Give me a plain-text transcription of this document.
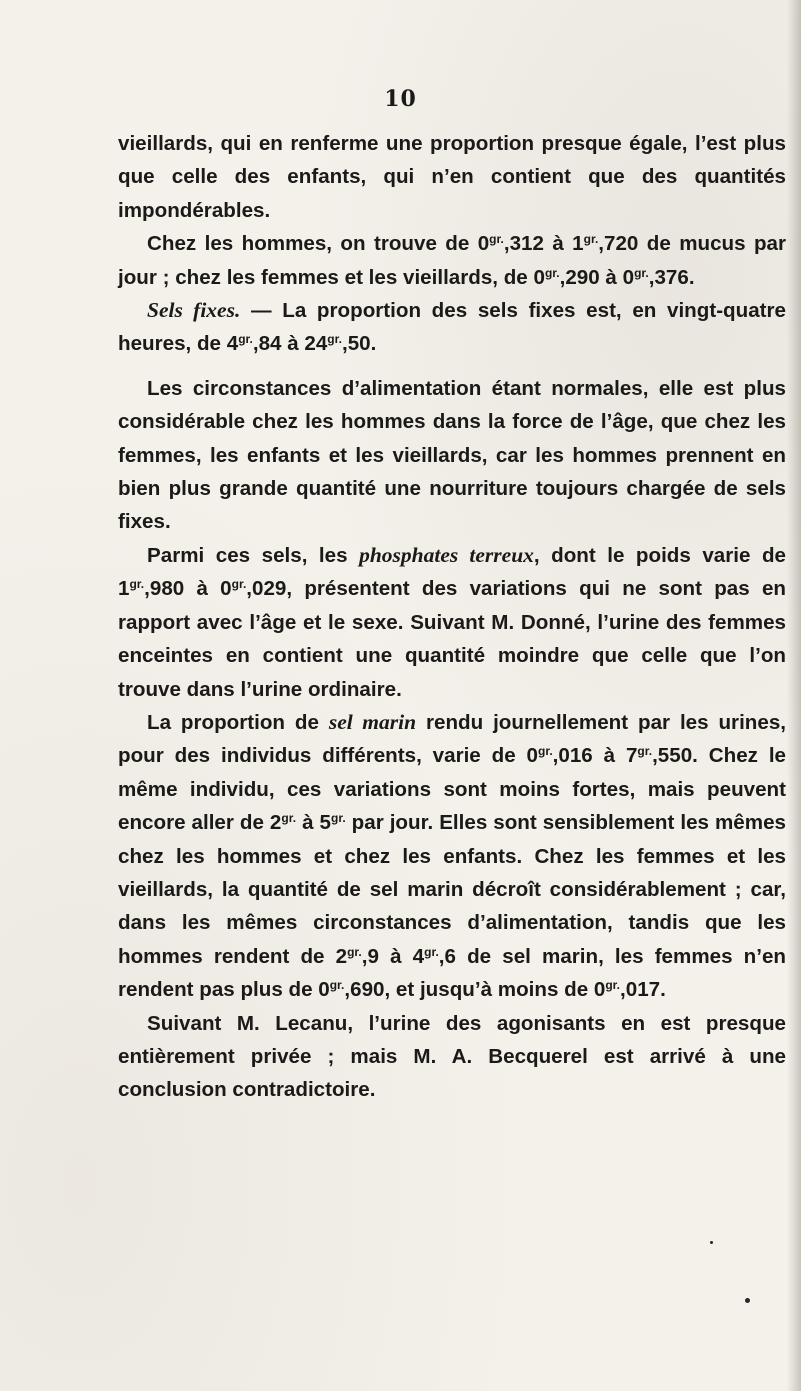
10

vieillards, qui en renferme une proportion presque égale, l’est plus que celle des enfants, qui n’en contient que des quantités impondérables.

Chez les hommes, on trouve de $0^{gr.},312$ à $1^{gr.},720$ de mucus par jour ; chez les femmes et les vieillards, de $0^{gr.},290$ à $0^{gr.},376$.

Sels fixes. — La proportion des sels fixes est, en vingt-quatre heures, de $4^{gr.},84$ à $24^{gr.},50$.

Les circonstances d’alimentation étant normales, elle est plus considérable chez les hommes dans la force de l’âge, que chez les femmes, les enfants et les vieillards, car les hommes prennent en bien plus grande quantité une nourriture toujours chargée de sels fixes.

Parmi ces sels, les phosphates terreux, dont le poids varie de $1^{gr.},980$ à $0^{gr.},029$, présentent des variations qui ne sont pas en rapport avec l’âge et le sexe. Suivant M. Donné, l’urine des femmes enceintes en contient une quantité moindre que celle que l’on trouve dans l’urine ordinaire.

La proportion de sel marin rendu journellement par les urines, pour des individus différents, varie de $0^{gr.},016$ à $7^{gr.},550$. Chez le même individu, ces variations sont moins fortes, mais peuvent encore aller de $2^{gr.}$ à $5^{gr.}$ par jour. Elles sont sensiblement les mêmes chez les hommes et chez les enfants. Chez les femmes et les vieillards, la quantité de sel marin décroît considérablement ; car, dans les mêmes circonstances d’alimentation, tandis que les hommes rendent de $2^{gr.},9$ à $4^{gr.},6$ de sel marin, les femmes n’en rendent pas plus de $0^{gr.},690$, et jusqu’à moins de $0^{gr.},017$.

Suivant M. Lecanu, l’urine des agonisants en est presque entièrement privée ; mais M. A. Becquerel est arrivé à une conclusion contradictoire.
